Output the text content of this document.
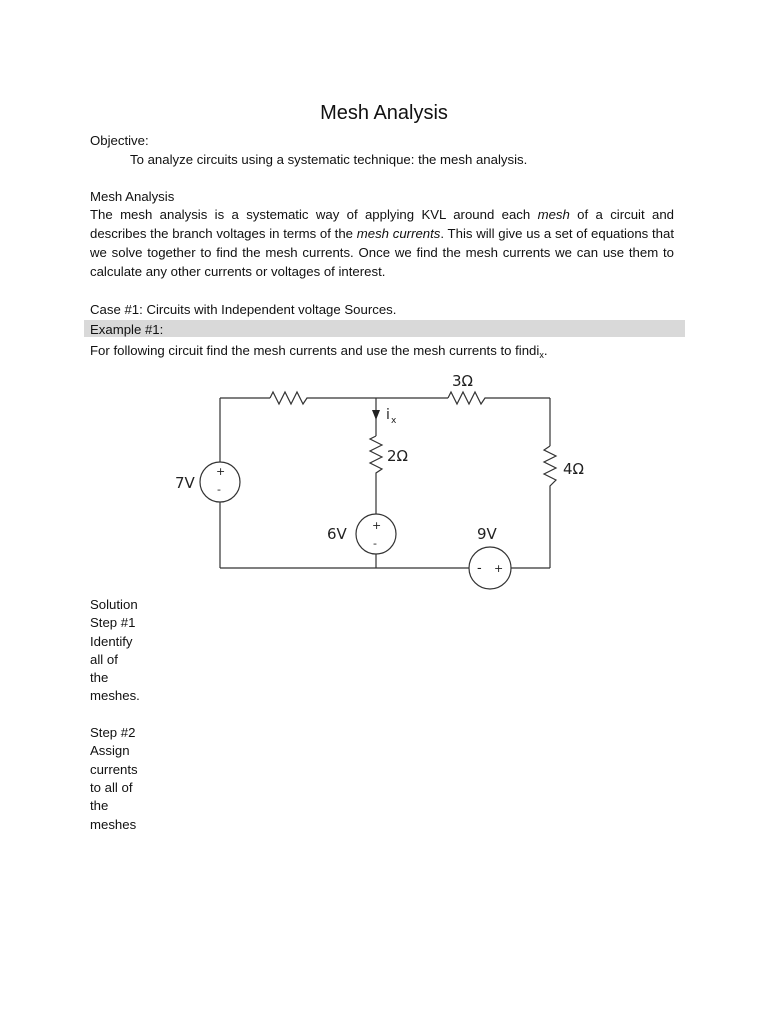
Mesh Analysis
Objective:
To analyze circuits using a systematic technique: the mesh analysis.
Mesh Analysis
The mesh analysis is a systematic way of applying KVL around each mesh of a circuit and describes the branch voltages in terms of the mesh currents. This will give us a set of equations that we solve together to find the mesh currents. Once we find the mesh currents we can use them to calculate any other currents or voltages of interest.
Case #1: Circuits with Independent voltage Sources.
Example #1:
For following circuit find the mesh currents and use the mesh currents to findi$_x$.
3Ω
2Ω
4Ω
7V
6V	9V
i x
+
-
+
-
- +
Solution
Step #1
Identify
all of
the
meshes.

Step #2
Assign
currents
to all of
the
meshes
